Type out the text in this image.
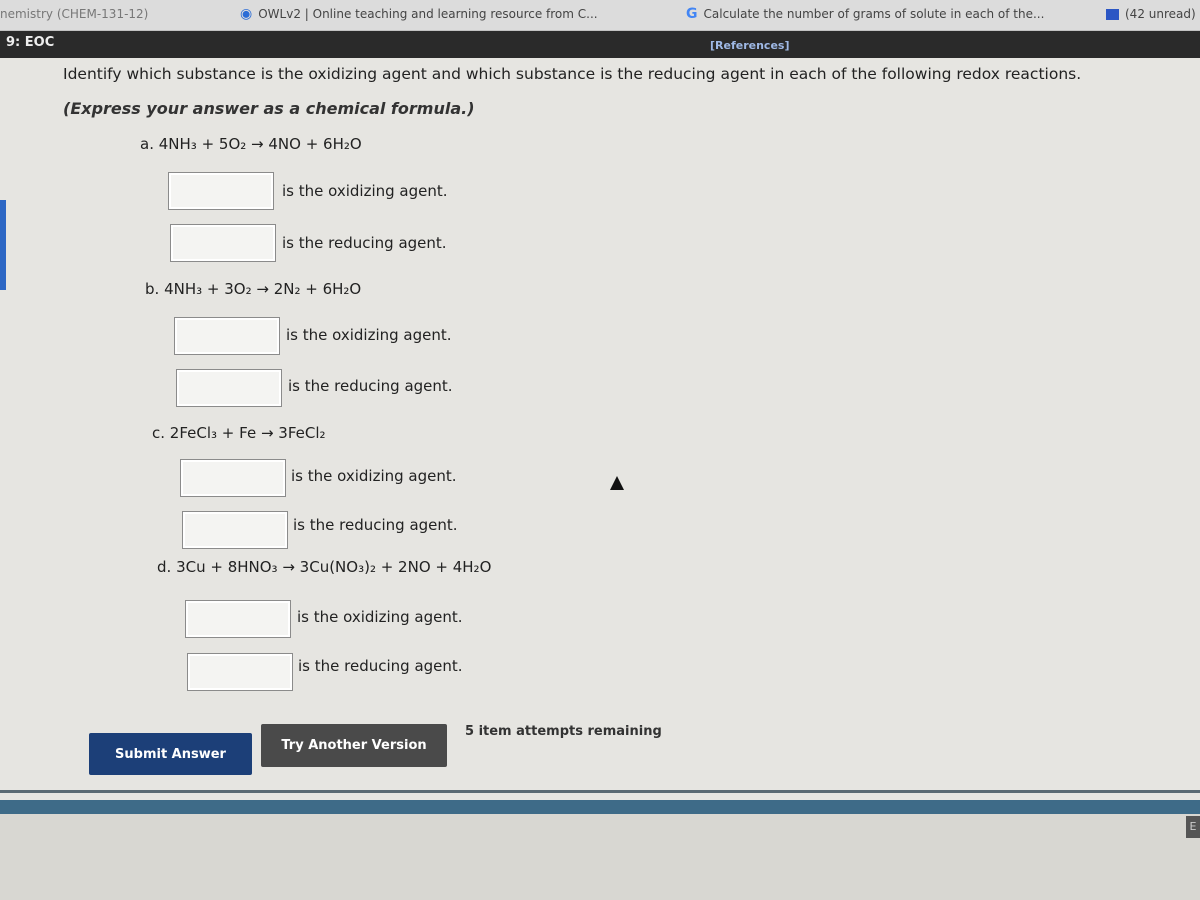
nemistry (CHEM-131-12)	◉ OWLv2 | Online teaching and learning resource from C...	G Calculate the number of grams of solute in each of the...	(42 unread)
9: EOC	[References]
Identify which substance is the oxidizing agent and which substance is the reducing agent in each of the following redox reactions.
(Express your answer as a chemical formula.)
a. 4NH₃ + 5O₂ → 4NO + 6H₂O
is the oxidizing agent.
is the reducing agent.
b. 4NH₃ + 3O₂ → 2N₂ + 6H₂O
is the oxidizing agent.
is the reducing agent.
c. 2FeCl₃ + Fe → 3FeCl₂
is the oxidizing agent.
is the reducing agent.
d. 3Cu + 8HNO₃ → 3Cu(NO₃)₂ + 2NO + 4H₂O
is the oxidizing agent.
is the reducing agent.
Submit Answer
Try Another Version
5 item attempts remaining
E
